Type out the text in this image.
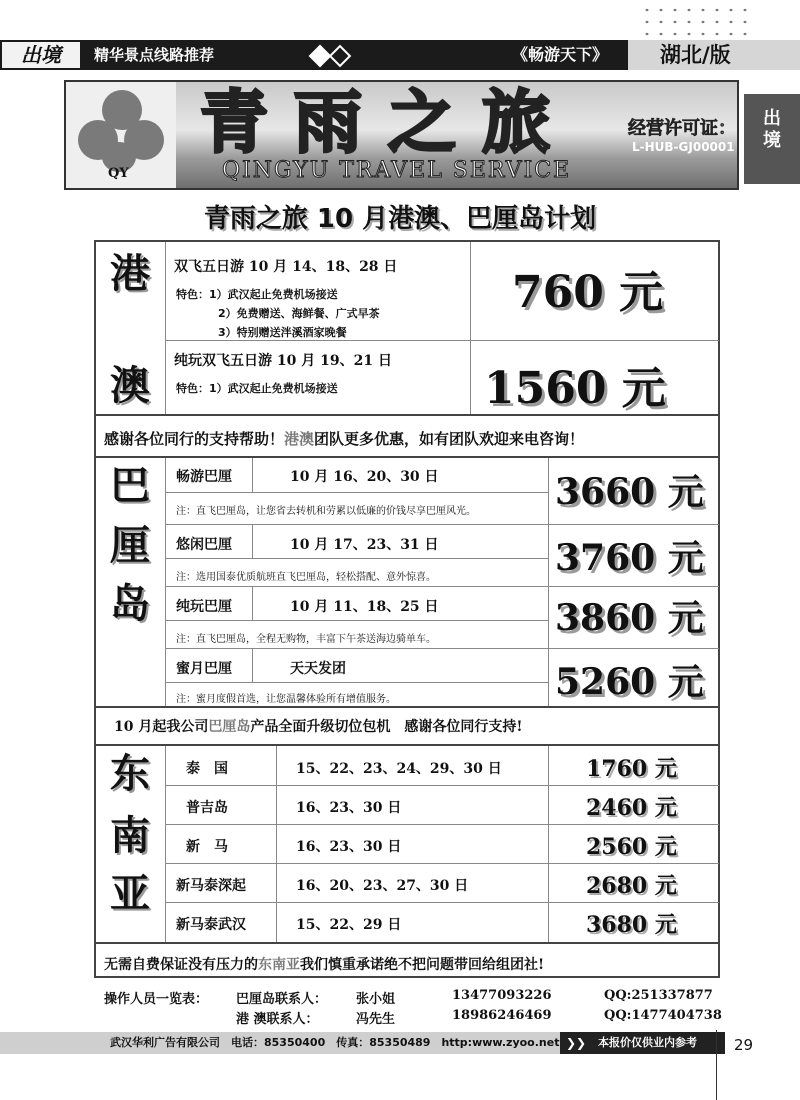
出境	精华景点线路推荐	《畅游天下》 湖北/版
出境
QY
青雨之旅
QINGYU TRAVEL SERVICE
经营许可证：
L-HUB-GJ00001
青雨之旅 10 月港澳、巴厘岛计划
港
澳
双飞五日游 10 月 14、18、28 日
特色：1）武汉起止免费机场接送
2）免费赠送、海鲜餐、广式早茶
3）特别赠送泮溪酒家晚餐
760 元
纯玩双飞五日游 10 月 19、21 日
特色：1）武汉起止免费机场接送	1560 元
感谢各位同行的支持帮助！港澳团队更多优惠，如有团队欢迎来电咨询！
巴
厘
岛
畅游巴厘	10 月 16、20、30 日
注：直飞巴厘岛，让您省去转机和劳累以低廉的价钱尽享巴厘风光。 3660 元
悠闲巴厘	10 月 17、23、31 日
注：选用国泰优质航班直飞巴厘岛，轻松搭配、意外惊喜。	3760 元
纯玩巴厘	10 月 11、18、25 日
注：直飞巴厘岛，全程无购物，丰富下午茶送海边骑单车。
3860 元
蜜月巴厘	天天发团
注：蜜月度假首选，让您温馨体验所有增值服务。	5260 元
10 月起我公司巴厘岛产品全面升级切位包机　感谢各位同行支持!
东
南
亚
泰　国	15、22、23、24、29、30 日	1760 元
普吉岛	16、23、30 日	2460 元
新　马	16、23、30 日	2560 元
新马泰深起	16、20、23、27、30 日	2680 元
新马泰武汉	15、22、29 日	3680 元
无需自费保证没有压力的东南亚我们慎重承诺绝不把问题带回给组团社!
操作人员一览表： 巴厘岛联系人： 张小姐	13477093226	QQ:251337877
港 澳联系人：	冯先生	18986246469	QQ:1477404738
❯❯
武汉华利广告有限公司　电话：85350400　传真：85350489　http:www.zyoo.net	本报价仅供业内参考 29
